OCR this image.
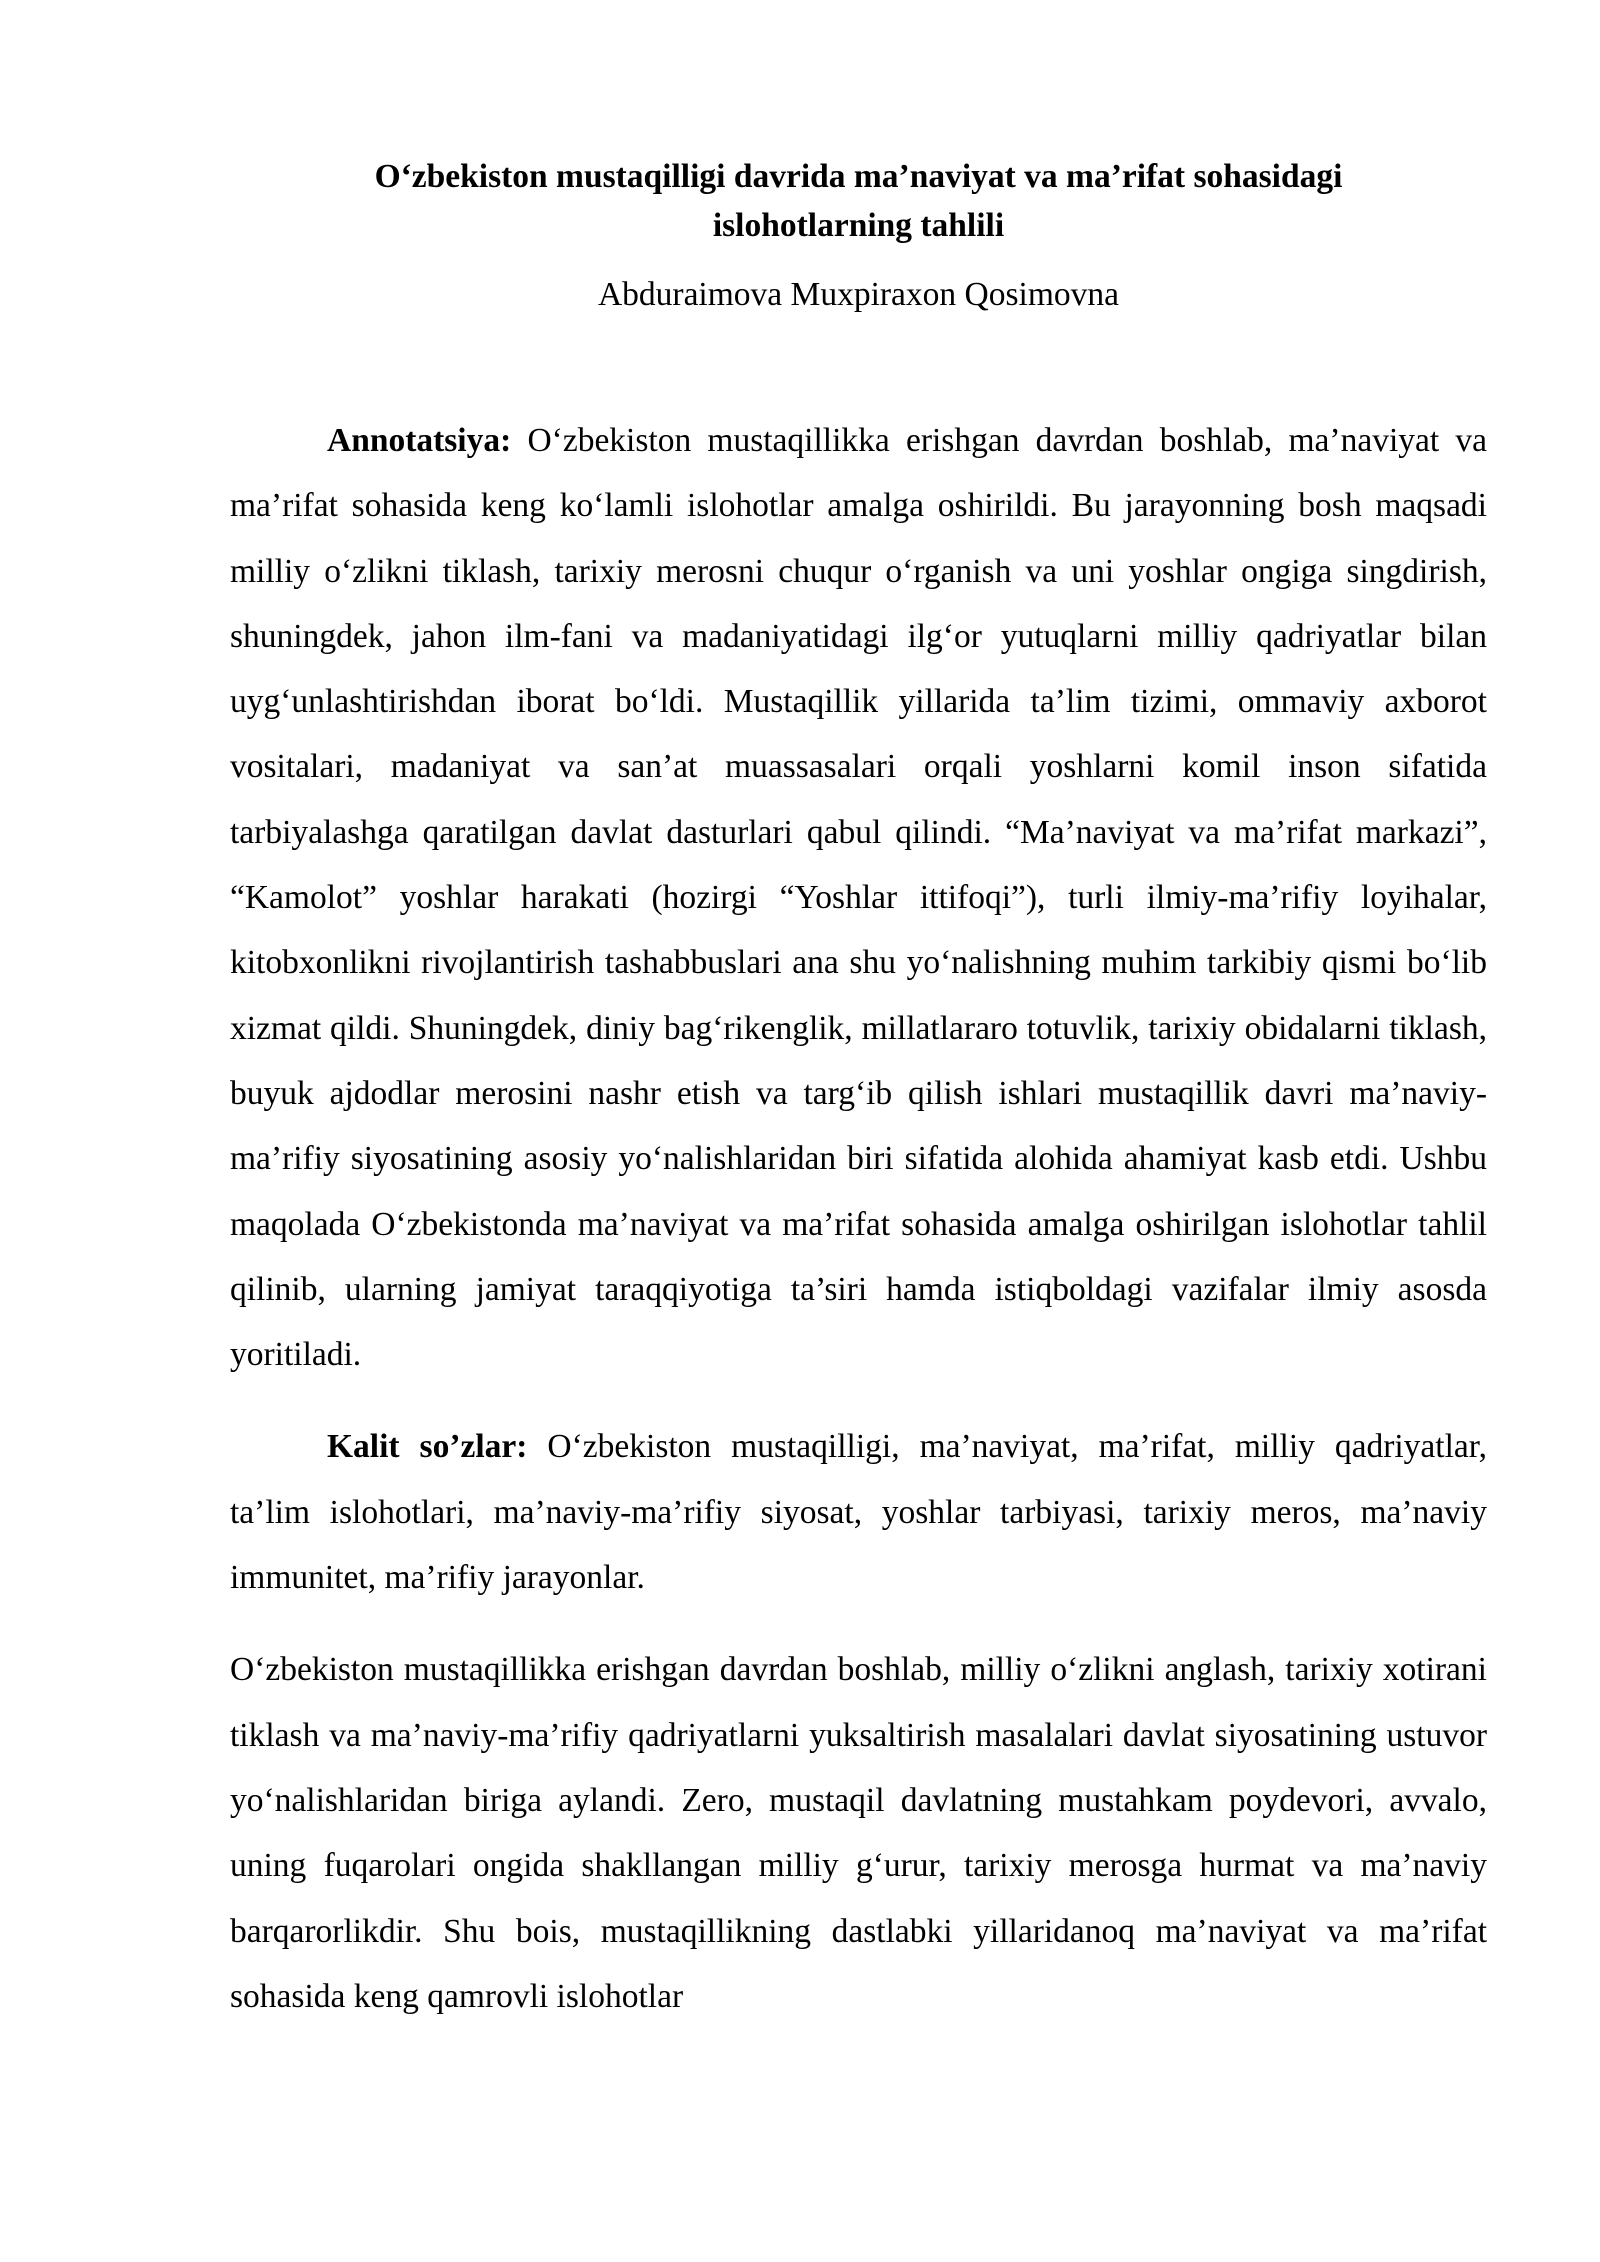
O‘zbekiston mustaqilligi davrida ma’naviyat va ma’rifat sohasidagi
islohotlarning tahlili

Abduraimova Muxpiraxon Qosimovna

Annotatsiya: O‘zbekiston mustaqillikka erishgan davrdan boshlab, ma’naviyat va ma’rifat sohasida keng ko‘lamli islohotlar amalga oshirildi. Bu jarayonning bosh maqsadi milliy o‘zlikni tiklash, tarixiy merosni chuqur o‘rganish va uni yoshlar ongiga singdirish, shuningdek, jahon ilm-fani va madaniyatidagi ilg‘or yutuqlarni milliy qadriyatlar bilan uyg‘unlashtirishdan iborat bo‘ldi. Mustaqillik yillarida ta’lim tizimi, ommaviy axborot vositalari, madaniyat va san’at muassasalari orqali yoshlarni komil inson sifatida tarbiyalashga qaratilgan davlat dasturlari qabul qilindi. “Ma’naviyat va ma’rifat markazi”, “Kamolot” yoshlar harakati (hozirgi “Yoshlar ittifoqi”), turli ilmiy-ma’rifiy loyihalar, kitobxonlikni rivojlantirish tashabbuslari ana shu yo‘nalishning muhim tarkibiy qismi bo‘lib xizmat qildi. Shuningdek, diniy bag‘rikenglik, millatlararo totuvlik, tarixiy obidalarni tiklash, buyuk ajdodlar merosini nashr etish va targ‘ib qilish ishlari mustaqillik davri ma’naviy-ma’rifiy siyosatining asosiy yo‘nalishlaridan biri sifatida alohida ahamiyat kasb etdi. Ushbu maqolada O‘zbekistonda ma’naviyat va ma’rifat sohasida amalga oshirilgan islohotlar tahlil qilinib, ularning jamiyat taraqqiyotiga ta’siri hamda istiqboldagi vazifalar ilmiy asosda yoritiladi.

Kalit so’zlar: O‘zbekiston mustaqilligi, ma’naviyat, ma’rifat, milliy qadriyatlar, ta’lim islohotlari, ma’naviy-ma’rifiy siyosat, yoshlar tarbiyasi, tarixiy meros, ma’naviy immunitet, ma’rifiy jarayonlar.

O‘zbekiston mustaqillikka erishgan davrdan boshlab, milliy o‘zlikni anglash, tarixiy xotirani tiklash va ma’naviy-ma’rifiy qadriyatlarni yuksaltirish masalalari davlat siyosatining ustuvor yo‘nalishlaridan biriga aylandi. Zero, mustaqil davlatning mustahkam poydevori, avvalo, uning fuqarolari ongida shakllangan milliy g‘urur, tarixiy merosga hurmat va ma’naviy barqarorlikdir. Shu bois, mustaqillikning dastlabki yillaridanoq ma’naviyat va ma’rifat sohasida keng qamrovli islohotlar
